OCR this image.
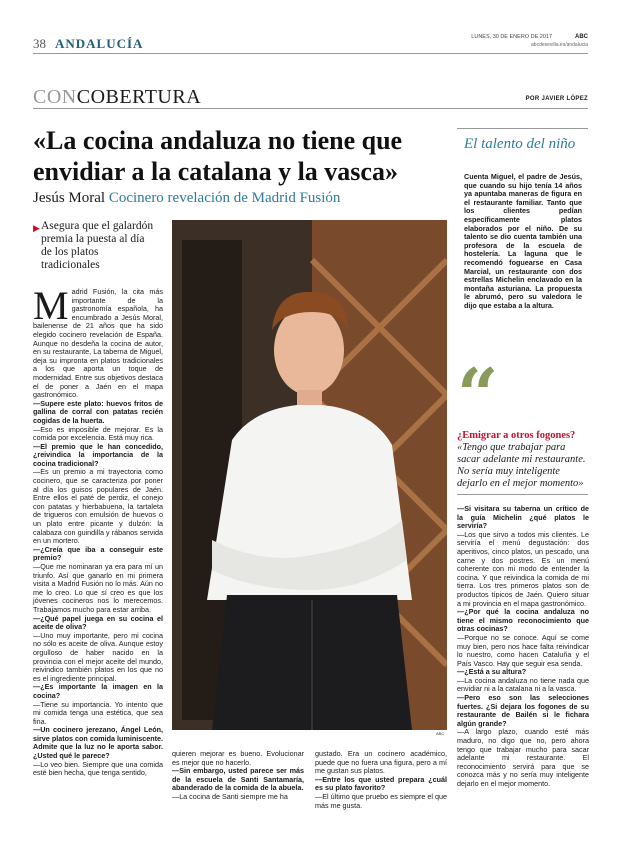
38 ANDALUCÍA	LUNES, 30 DE ENERO DE 2017	ABC
abcdesevilla.es/andalucia
CONCOBERTURA	POR JAVIER LÓPEZ
«La cocina andaluza no tiene que envidiar a la catalana y la vasca»
Jesús Moral Cocinero revelación de Madrid Fusión
▶ Asegura que el galardón premia la puesta al día de los platos tradicionales
ABC

Madrid Fusión, la cita más importante de la gastronomía española, ha encumbrado a Jesús Moral, bailenense de 21 años que ha sido elegido cocinero revelación de España. Aunque no desdeña la cocina de autor, en su restaurante, La taberna de Miguel, deja su impronta en platos tradicionales a los que aporta un toque de modernidad. Entre sus objetivos destaca el de poner a Jaén en el mapa gastronómico.

—Supere este plato: huevos fritos de gallina de corral con patatas recién cogidas de la huerta.

—Eso es imposible de mejorar. Es la comida por excelencia. Está muy rica.

—El premio que le han concedido, ¿reivindica la importancia de la cocina tradicional?

—Es un premio a mi trayectoria como cocinero, que se caracteriza por poner al día los guisos populares de Jaén. Entre ellos el paté de perdiz, el conejo con patatas y hierbabuena, la tartaleta de trigueros con emulsión de huevos o un plato entre picante y dulzón: la calabaza con guindilla y rábanos servida en un mortero.

—¿Creía que iba a conseguir este premio?

—Que me nominaran ya era para mí un triunfo. Así que ganarlo en mi primera visita a Madrid Fusión no lo más. Aún no me lo creo. Lo que sí creo es que los jóvenes cocineros nos lo merecemos. Trabajamos mucho para estar arriba.

—¿Qué papel juega en su cocina el aceite de oliva?

—Uno muy importante, pero mi cocina no sólo es aceite de oliva. Aunque estoy orgulloso de haber nacido en la provincia con el mejor aceite del mundo, reivindico también platos en los que no es el ingrediente principal.

—¿Es importante la imagen en la cocina?

—Tiene su importancia. Yo intento que mi comida tenga una estética, que sea fina.

—Un cocinero jerezano, Ángel León, sirve platos con comida luminiscente. Admite que la luz no le aporta sabor. ¿Usted qué le parece?

—Lo veo bien. Siempre que una comida esté bien hecha, que tenga sentido,

quieren mejorar es bueno. Evolucionar es mejor que no hacerlo.

—Sin embargo, usted parece ser más de la escuela de Santi Santamaría, abanderado de la comida de la abuela.

—La cocina de Santi siempre me ha

gustado. Era un cocinero académico, puede que no fuera una figura, pero a mí me gustan sus platos.

—Entre los que usted prepara ¿cuál es su plato favorito?

—El último que pruebo es siempre el que más me gusta.

El talento del niño
Cuenta Miguel, el padre de Jesús, que cuando su hijo tenía 14 años ya apuntaba maneras de figura en el restaurante familiar. Tanto que los clientes pedían específicamente platos elaborados por el niño. De su talento se dio cuenta también una profesora de la escuela de hostelería. La laguna que le recomendó foguearse en Casa Marcial, un restaurante con dos estrellas Michelin enclavado en la montaña asturiana. La propuesta le abrumó, pero su valedora le dijo que estaba a la altura.
“
¿Emigrar a otros fogones?
«Tengo que trabajar para sacar adelante mi restaurante. No sería muy inteligente dejarlo en el mejor momento»

—Si visitara su taberna un crítico de la guía Michelin ¿qué platos le serviría?

—Los que sirvo a todos mis clientes. Le serviría el menú degustación: dos aperitivos, cinco platos, un pescado, una carne y dos postres. Es un menú coherente con mi modo de entender la cocina. Y que reivindica la comida de mi tierra. Los tres primeros platos son de productos típicos de Jaén. Quiero situar a mi provincia en el mapa gastronómico.

—¿Por qué la cocina andaluza no tiene el mismo reconocimiento que otras cocinas?

—Porque no se conoce. Aquí se come muy bien, pero nos hace falta reivindicar lo nuestro, como hacen Cataluña y el País Vasco. Hay que seguir esa senda.

—¿Está a su altura?

—La cocina andaluza no tiene nada que envidiar ni a la catalana ni a la vasca.

—Pero eso son las selecciones fuertes. ¿Si dejara los fogones de su restaurante de Bailén si le fichara algún grande?

—A largo plazo, cuando esté más maduro, no digo que no, pero ahora tengo que trabajar mucho para sacar adelante mi restaurante. El reconocimiento servirá para que se conozca más y no sería muy inteligente dejarlo en el mejor momento.
